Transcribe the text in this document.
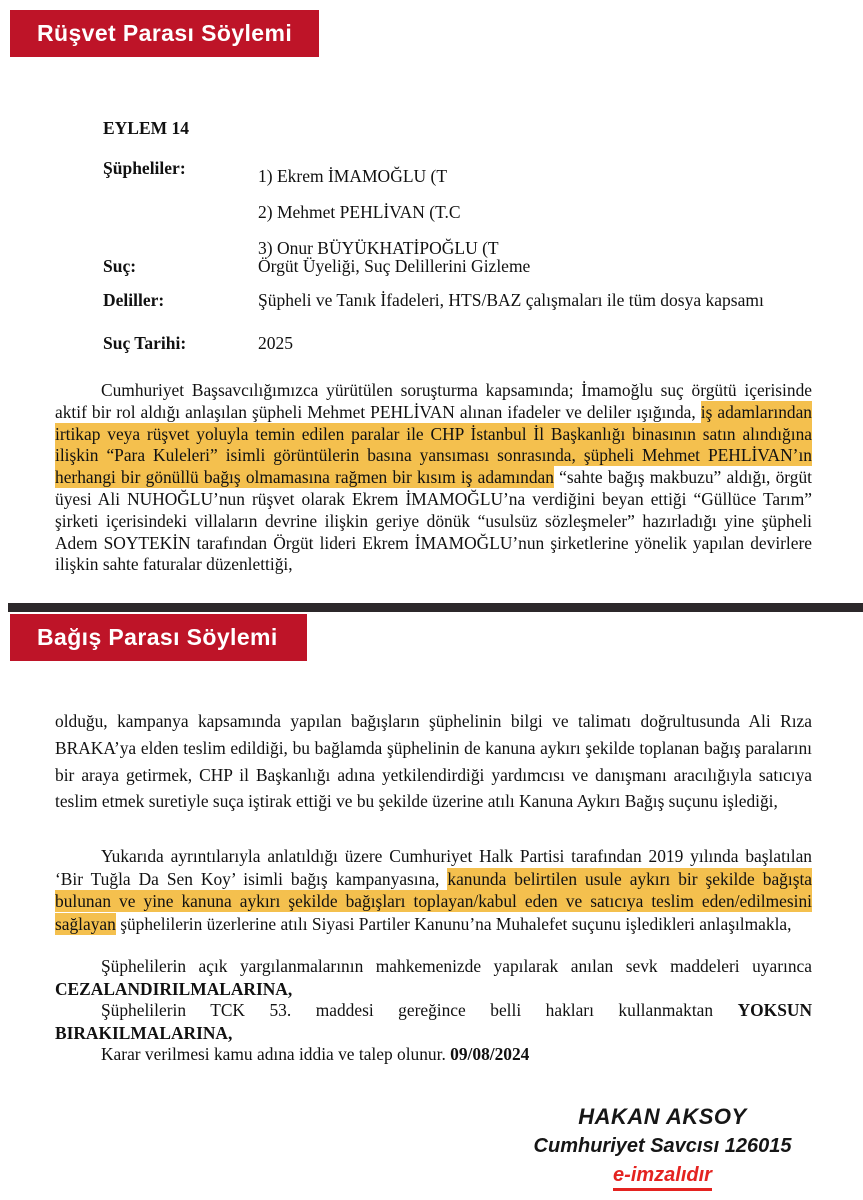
Rüşvet Parası Söylemi
EYLEM 14
Şüpheliler:	1) Ekrem İMAMOĞLU (T
2) Mehmet PEHLİVAN (T.C
3) Onur BÜYÜKHATİPOĞLU (T
Suç:	Örgüt Üyeliği, Suç Delillerini Gizleme
Deliller:	Şüpheli ve Tanık İfadeleri, HTS/BAZ çalışmaları ile tüm dosya kapsamı
Suç Tarihi:	2025
Cumhuriyet Başsavcılığımızca yürütülen soruşturma kapsamında; İmamoğlu suç örgütü içerisinde aktif bir rol aldığı anlaşılan şüpheli Mehmet PEHLİVAN alınan ifadeler ve deliler ışığında, iş adamlarından irtikap veya rüşvet yoluyla temin edilen paralar ile CHP İstanbul İl Başkanlığı binasının satın alındığına ilişkin “Para Kuleleri” isimli görüntülerin basına yansıması sonrasında, şüpheli Mehmet PEHLİVAN’ın herhangi bir gönüllü bağış olmamasına rağmen bir kısım iş adamından “sahte bağış makbuzu” aldığı, örgüt üyesi Ali NUHOĞLU’nun rüşvet olarak Ekrem İMAMOĞLU’na verdiğini beyan ettiği “Güllüce Tarım” şirketi içerisindeki villaların devrine ilişkin geriye dönük “usulsüz sözleşmeler” hazırladığı yine şüpheli Adem SOYTEKİN tarafından Örgüt lideri Ekrem İMAMOĞLU’nun şirketlerine yönelik yapılan devirlere ilişkin sahte faturalar düzenlettiği,
Bağış Parası Söylemi
olduğu, kampanya kapsamında yapılan bağışların şüphelinin bilgi ve talimatı doğrultusunda Ali Rıza BRAKA’ya elden teslim edildiği, bu bağlamda şüphelinin de kanuna aykırı şekilde toplanan bağış paralarını bir araya getirmek, CHP il Başkanlığı adına yetkilendirdiği yardımcısı ve danışmanı aracılığıyla satıcıya teslim etmek suretiyle suça iştirak ettiği ve bu şekilde üzerine atılı Kanuna Aykırı Bağış suçunu işlediği,
Yukarıda ayrıntılarıyla anlatıldığı üzere Cumhuriyet Halk Partisi tarafından 2019 yılında başlatılan ‘Bir Tuğla Da Sen Koy’ isimli bağış kampanyasına, kanunda belirtilen usule aykırı bir şekilde bağışta bulunan ve yine kanuna aykırı şekilde bağışları toplayan/kabul eden ve satıcıya teslim eden/edilmesini sağlayan şüphelilerin üzerlerine atılı Siyasi Partiler Kanunu’na Muhalefet suçunu işledikleri anlaşılmakla,
Şüphelilerin açık yargılanmalarının mahkemenizde yapılarak anılan sevk maddeleri uyarınca CEZALANDIRILMALARINA,
Şüphelilerin TCK 53. maddesi gereğince belli hakları kullanmaktan YOKSUN BIRAKILMALARINA,
Karar verilmesi kamu adına iddia ve talep olunur. 09/08/2024
HAKAN AKSOY
Cumhuriyet Savcısı 126015
e-imzalıdır
